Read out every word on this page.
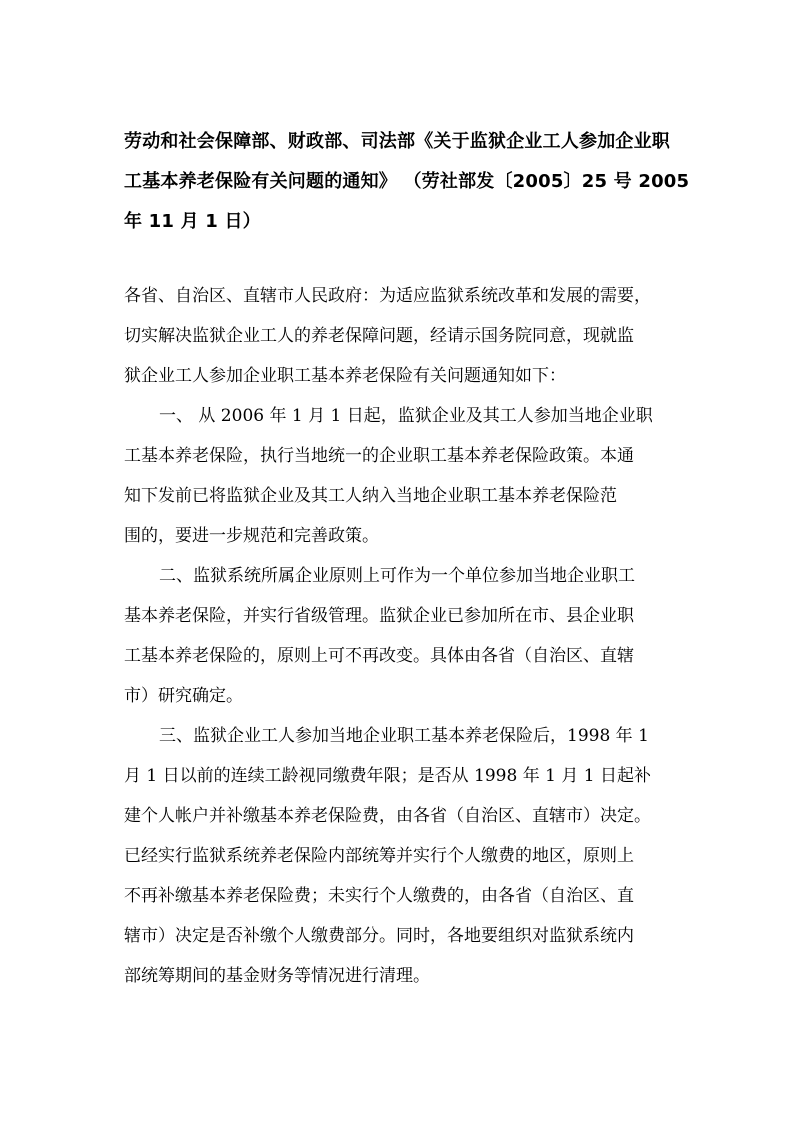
劳动和社会保障部、财政部、司法部《关于监狱企业工人参加企业职
工基本养老保险有关问题的通知》 （劳社部发〔2005〕25 号 2005
年 11 月 1 日）
各省、自治区、直辖市人民政府：为适应监狱系统改革和发展的需要，
切实解决监狱企业工人的养老保障问题，经请示国务院同意，现就监
狱企业工人参加企业职工基本养老保险有关问题通知如下：
一、 从 2006 年 1 月 1 日起，监狱企业及其工人参加当地企业职
工基本养老保险，执行当地统一的企业职工基本养老保险政策。本通
知下发前已将监狱企业及其工人纳入当地企业职工基本养老保险范
围的，要进一步规范和完善政策。
二、监狱系统所属企业原则上可作为一个单位参加当地企业职工
基本养老保险，并实行省级管理。监狱企业已参加所在市、县企业职
工基本养老保险的，原则上可不再改变。具体由各省（自治区、直辖
市）研究确定。
三、监狱企业工人参加当地企业职工基本养老保险后，1998 年 1
月 1 日以前的连续工龄视同缴费年限；是否从 1998 年 1 月 1 日起补
建个人帐户并补缴基本养老保险费，由各省（自治区、直辖市）决定。
已经实行监狱系统养老保险内部统筹并实行个人缴费的地区，原则上
不再补缴基本养老保险费；未实行个人缴费的，由各省（自治区、直
辖市）决定是否补缴个人缴费部分。同时，各地要组织对监狱系统内
部统筹期间的基金财务等情况进行清理。
